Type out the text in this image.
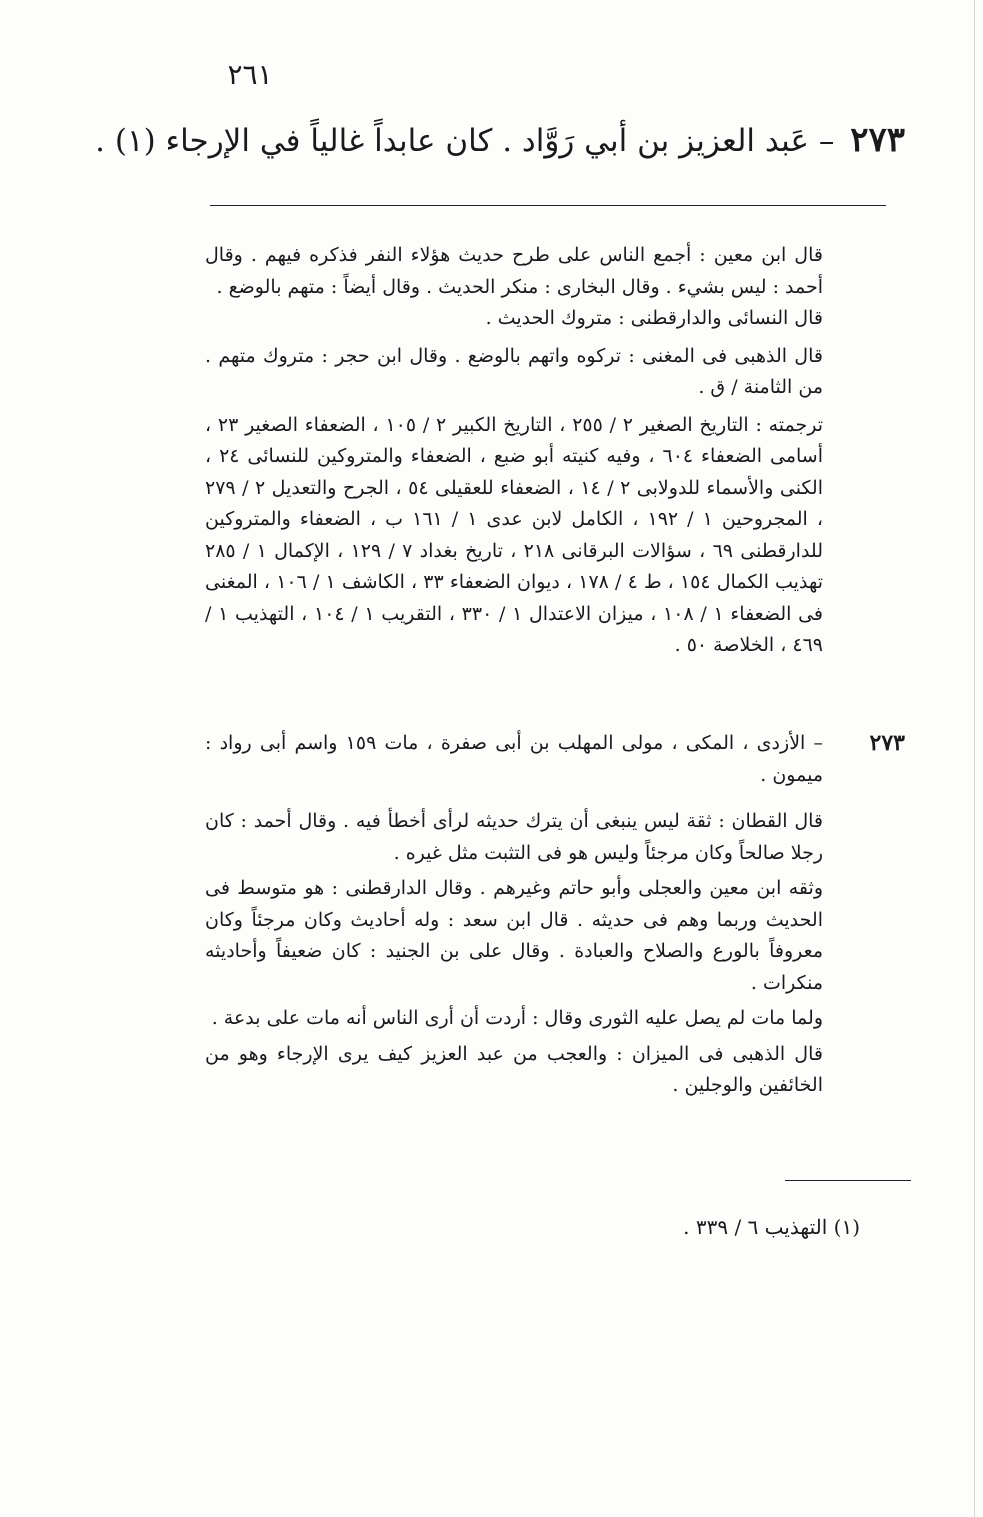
٢٦١
٢٧٣ – عَبد العزيز بن أبي رَوَّاد . كان عابداً غالياً في الإرجاء (١) .

قال ابن معين : أجمع الناس على طرح حديث هؤلاء النفر فذكره فيهم . وقال أحمد : ليس بشيء . وقال البخارى : منكر الحديث . وقال أيضاً : متهم بالوضع .

قال النسائى والدارقطنى : متروك الحديث .

قال الذهبى فى المغنى : تركوه واتهم بالوضع . وقال ابن حجر : متروك متهم . من الثامنة / ق .

ترجمته : التاريخ الصغير ٢ / ٢٥٥ ، التاريخ الكبير ٢ / ١٠٥ ، الضعفاء الصغير ٢٣ ، أسامى الضعفاء ٦٠٤ ، وفيه كنيته أبو ضبع ، الضعفاء والمتروكين للنسائى ٢٤ ، الكنى والأسماء للدولابى ٢ / ١٤ ، الضعفاء للعقيلى ٥٤ ، الجرح والتعديل ٢ / ٢٧٩ ، المجروحين ١ / ١٩٢ ، الكامل لابن عدى ١ / ١٦١ ب ، الضعفاء والمتروكين للدارقطنى ٦٩ ، سؤالات البرقانى ٢١٨ ، تاريخ بغداد ٧ / ١٢٩ ، الإكمال ١ / ٢٨٥ تهذيب الكمال ١٥٤ ، ط ٤ / ١٧٨ ، ديوان الضعفاء ٣٣ ، الكاشف ١ / ١٠٦ ، المغنى فى الضعفاء ١ / ١٠٨ ، ميزان الاعتدال ١ / ٣٣٠ ، التقريب ١ / ١٠٤ ، التهذيب ١ / ٤٦٩ ، الخلاصة ٥٠ .

٢٧٣

– الأزدى ، المكى ، مولى المهلب بن أبى صفرة ، مات ١٥٩ واسم أبى رواد : ميمون .

قال القطان : ثقة ليس ينبغى أن يترك حديثه لرأى أخطأ فيه . وقال أحمد : كان رجلا صالحاً وكان مرجئاً وليس هو فى التثبت مثل غيره .

وثقه ابن معين والعجلى وأبو حاتم وغيرهم . وقال الدارقطنى : هو متوسط فى الحديث وربما وهم فى حديثه . قال ابن سعد : وله أحاديث وكان مرجئاً وكان معروفاً بالورع والصلاح والعبادة . وقال على بن الجنيد : كان ضعيفاً وأحاديثه منكرات .

ولما مات لم يصل عليه الثورى وقال : أردت أن أرى الناس أنه مات على بدعة .

قال الذهبى فى الميزان : والعجب من عبد العزيز كيف يرى الإرجاء وهو من الخائفين والوجلين .

(١) التهذيب ٦ / ٣٣٩ .
